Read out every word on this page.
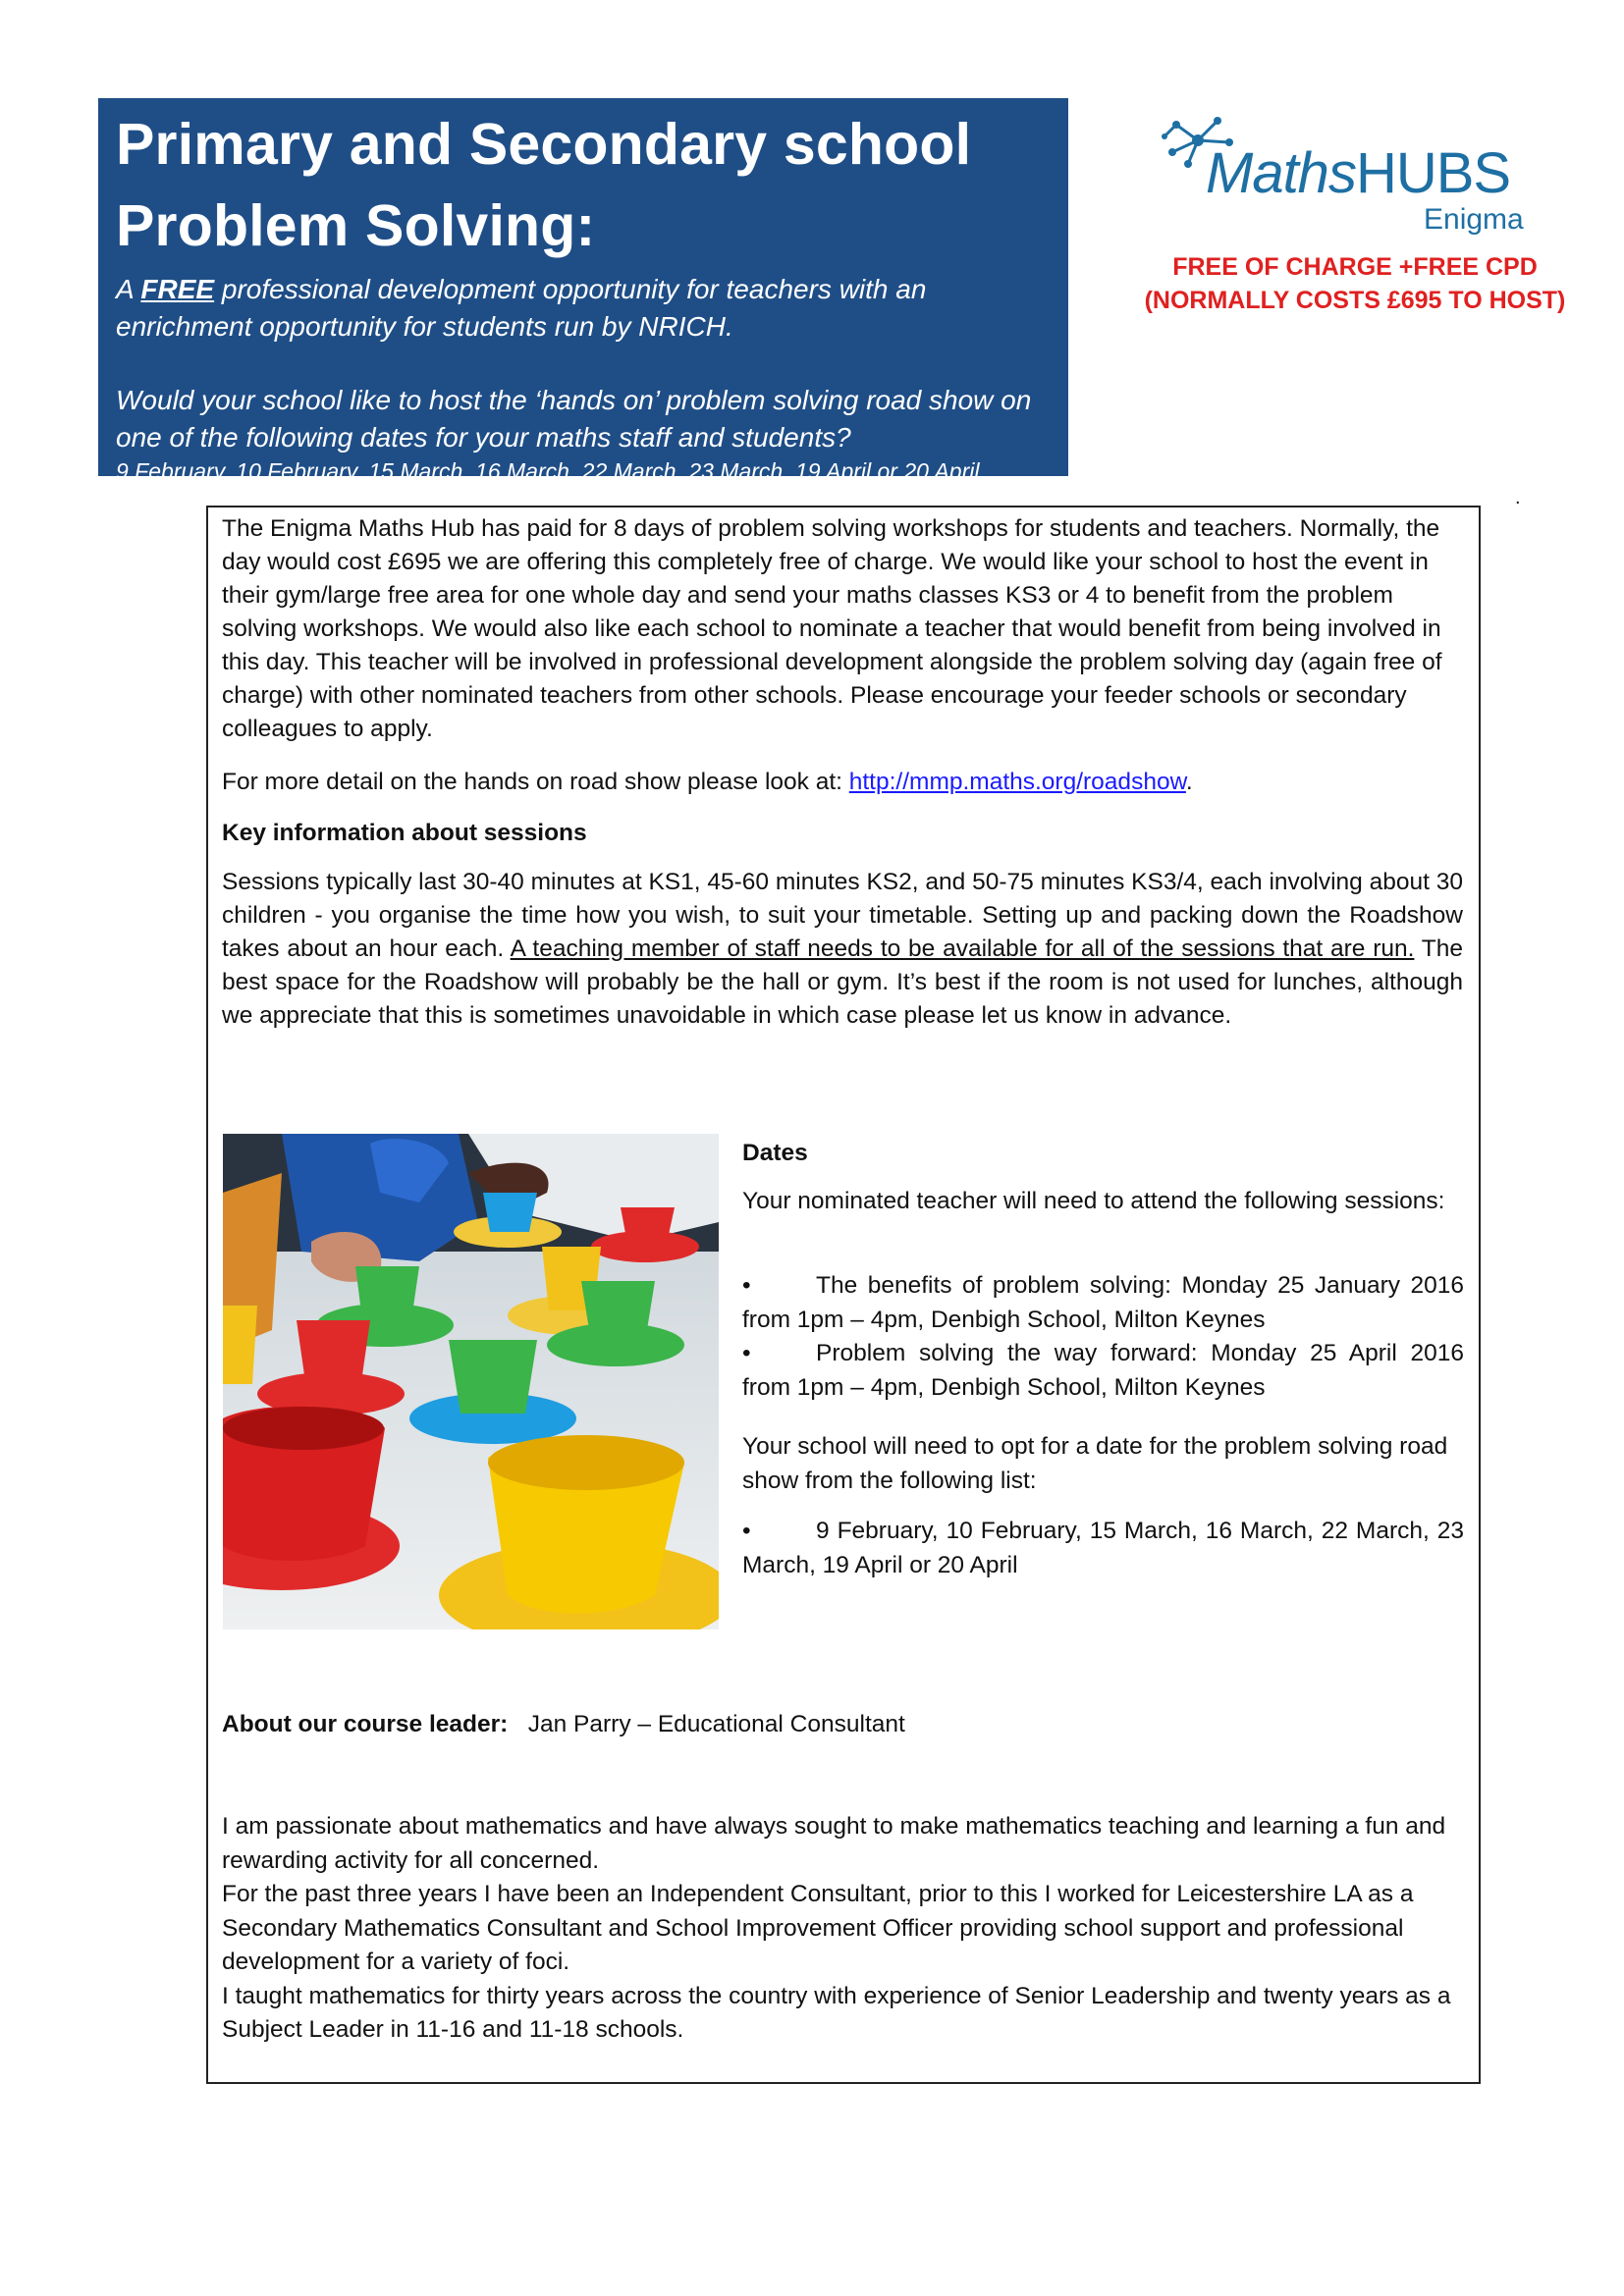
Primary and Secondary school
Problem Solving:
A FREE professional development opportunity for teachers with an
enrichment opportunity for students run by NRICH.
Would your school like to host the ‘hands on’ problem solving road show on
one of the following dates for your maths staff and students?
9 February, 10 February, 15 March, 16 March, 22 March, 23 March, 19 April or 20 April.
MathsHUBS
Enigma
FREE OF CHARGE +FREE CPD
(NORMALLY COSTS £695 TO HOST)
.
The Enigma Maths Hub has paid for 8 days of problem solving workshops for students and teachers. Normally, the day would cost £695 we are offering this completely free of charge. We would like your school to host the event in their gym/large free area for one whole day and send your maths classes KS3 or 4 to benefit from the problem solving workshops. We would also like each school to nominate a teacher that would benefit from being involved in this day. This teacher will be involved in professional development alongside the problem solving day (again free of charge) with other nominated teachers from other schools. Please encourage your feeder schools or secondary colleagues to apply.
For more detail on the hands on road show please look at: http://mmp.maths.org/roadshow.
Key information about sessions
Sessions typically last 30-40 minutes at KS1, 45-60 minutes KS2, and 50-75 minutes KS3/4, each involving about 30 children - you organise the time how you wish, to suit your timetable. Setting up and packing down the Roadshow takes about an hour each. A teaching member of staff needs to be available for all of the sessions that are run. The best space for the Roadshow will probably be the hall or gym. It’s best if the room is not used for lunches, although we appreciate that this is sometimes unavoidable in which case please let us know in advance.
Dates
Your nominated teacher will need to attend the following sessions:
•	The benefits of problem solving: Monday 25 January 2016 from 1pm – 4pm, Denbigh School, Milton Keynes
•	Problem solving the way forward: Monday 25 April 2016 from 1pm – 4pm, Denbigh School, Milton Keynes
Your school will need to opt for a date for the problem solving road show from the following list:
•	9 February, 10 February, 15 March, 16 March, 22 March, 23 March, 19 April or 20 April
About our course leader: Jan Parry – Educational Consultant

I am passionate about mathematics and have always sought to make mathematics teaching and learning a fun and rewarding activity for all concerned.

For the past three years I have been an Independent Consultant, prior to this I worked for Leicestershire LA as a Secondary Mathematics Consultant and School Improvement Officer providing school support and professional development for a variety of foci.

I taught mathematics for thirty years across the country with experience of Senior Leadership and twenty years as a Subject Leader in 11-16 and 11-18 schools.
